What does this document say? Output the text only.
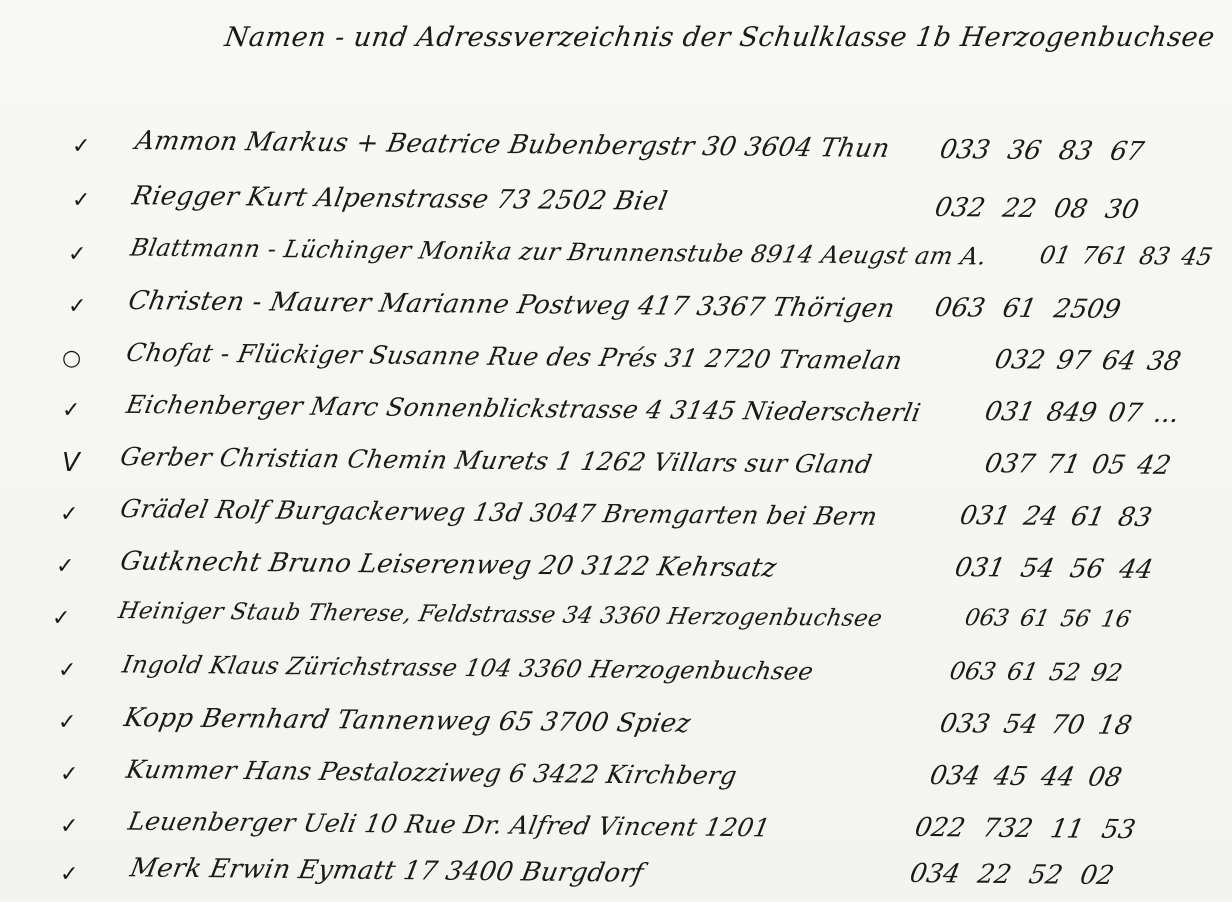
Namen - und Adressverzeichnis der Schulklasse 1b Herzogenbuchsee
✓ Ammon Markus + Beatrice Bubenbergstr 30 3604 Thun 033 36 83 67
✓ Riegger Kurt Alpenstrasse 73 2502 Biel	032 22 08 30
✓ Blattmann - Lüchinger Monika zur Brunnenstube 8914 Aeugst am A. 01 761 83 45
✓ Christen - Maurer Marianne Postweg 417 3367 Thörigen 063 61 2509
○ Chofat - Flückiger Susanne Rue des Prés 31 2720 Tramelan	032 97 64 38
✓ Eichenberger Marc Sonnenblickstrasse 4 3145 Niederscherli 031 849 07 ...
V Gerber Christian Chemin Murets 1 1262 Villars sur Gland	037 71 05 42
✓ Grädel Rolf Burgackerweg 13d 3047 Bremgarten bei Bern	031 24 61 83
✓ Gutknecht Bruno Leiserenweg 20 3122 Kehrsatz	031 54 56 44
✓ Heiniger Staub Therese, Feldstrasse 34 3360 Herzogenbuchsee	063 61 56 16
✓ Ingold Klaus Zürichstrasse 104 3360 Herzogenbuchsee	063 61 52 92
✓ Kopp Bernhard Tannenweg 65 3700 Spiez	033 54 70 18
✓ Kummer Hans Pestalozziweg 6 3422 Kirchberg	034 45 44 08
✓ Leuenberger Ueli 10 Rue Dr. Alfred Vincent 1201	022 732 11 53
✓ Merk Erwin Eymatt 17 3400 Burgdorf	034 22 52 02
